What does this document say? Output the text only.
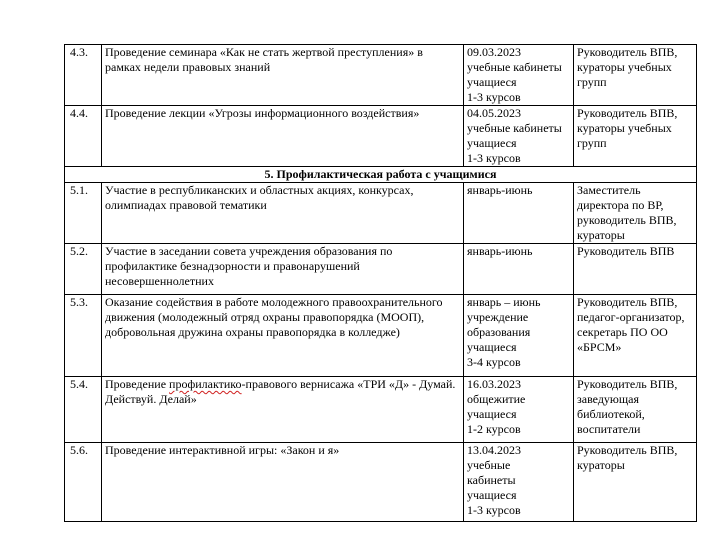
4.3.	Проведение семинара «Как не стать жертвой преступления» в рамках недели правовых знаний	09.03.2023
учебные кабинеты
учащиеся
1-3 курсов	Руководитель ВПВ, кураторы учебных групп
4.4.	Проведение лекции «Угрозы информационного воздействия»	04.05.2023
учебные кабинеты
учащиеся
1-3 курсов	Руководитель ВПВ, кураторы учебных групп
5. Профилактическая работа с учащимися			
5.1.	Участие в республиканских и областных акциях, конкурсах, олимпиадах правовой тематики	январь-июнь	Заместитель директора по ВР, руководитель ВПВ, кураторы
5.2.	Участие в заседании совета учреждения образования по профилактике безнадзорности и правонарушений несовершеннолетних	январь-июнь	Руководитель ВПВ
5.3.	Оказание содействия в работе молодежного правоохранительного движения (молодежный отряд охраны правопорядка (МООП), добровольная дружина охраны правопорядка в колледже)	январь – июнь
учреждение образования
учащиеся
3-4 курсов	Руководитель ВПВ, педагог-организатор, секретарь ПО ОО «БРСМ»
5.4.	Проведение профилактико-правового вернисажа «ТРИ «Д» - Думай. Действуй. Делай»	16.03.2023
общежитие
учащиеся
1-2 курсов	Руководитель ВПВ, заведующая библиотекой, воспитатели
5.6.	Проведение интерактивной игры: «Закон и я»	13.04.2023
учебные
кабинеты
учащиеся
1-3 курсов	Руководитель ВПВ, кураторы
